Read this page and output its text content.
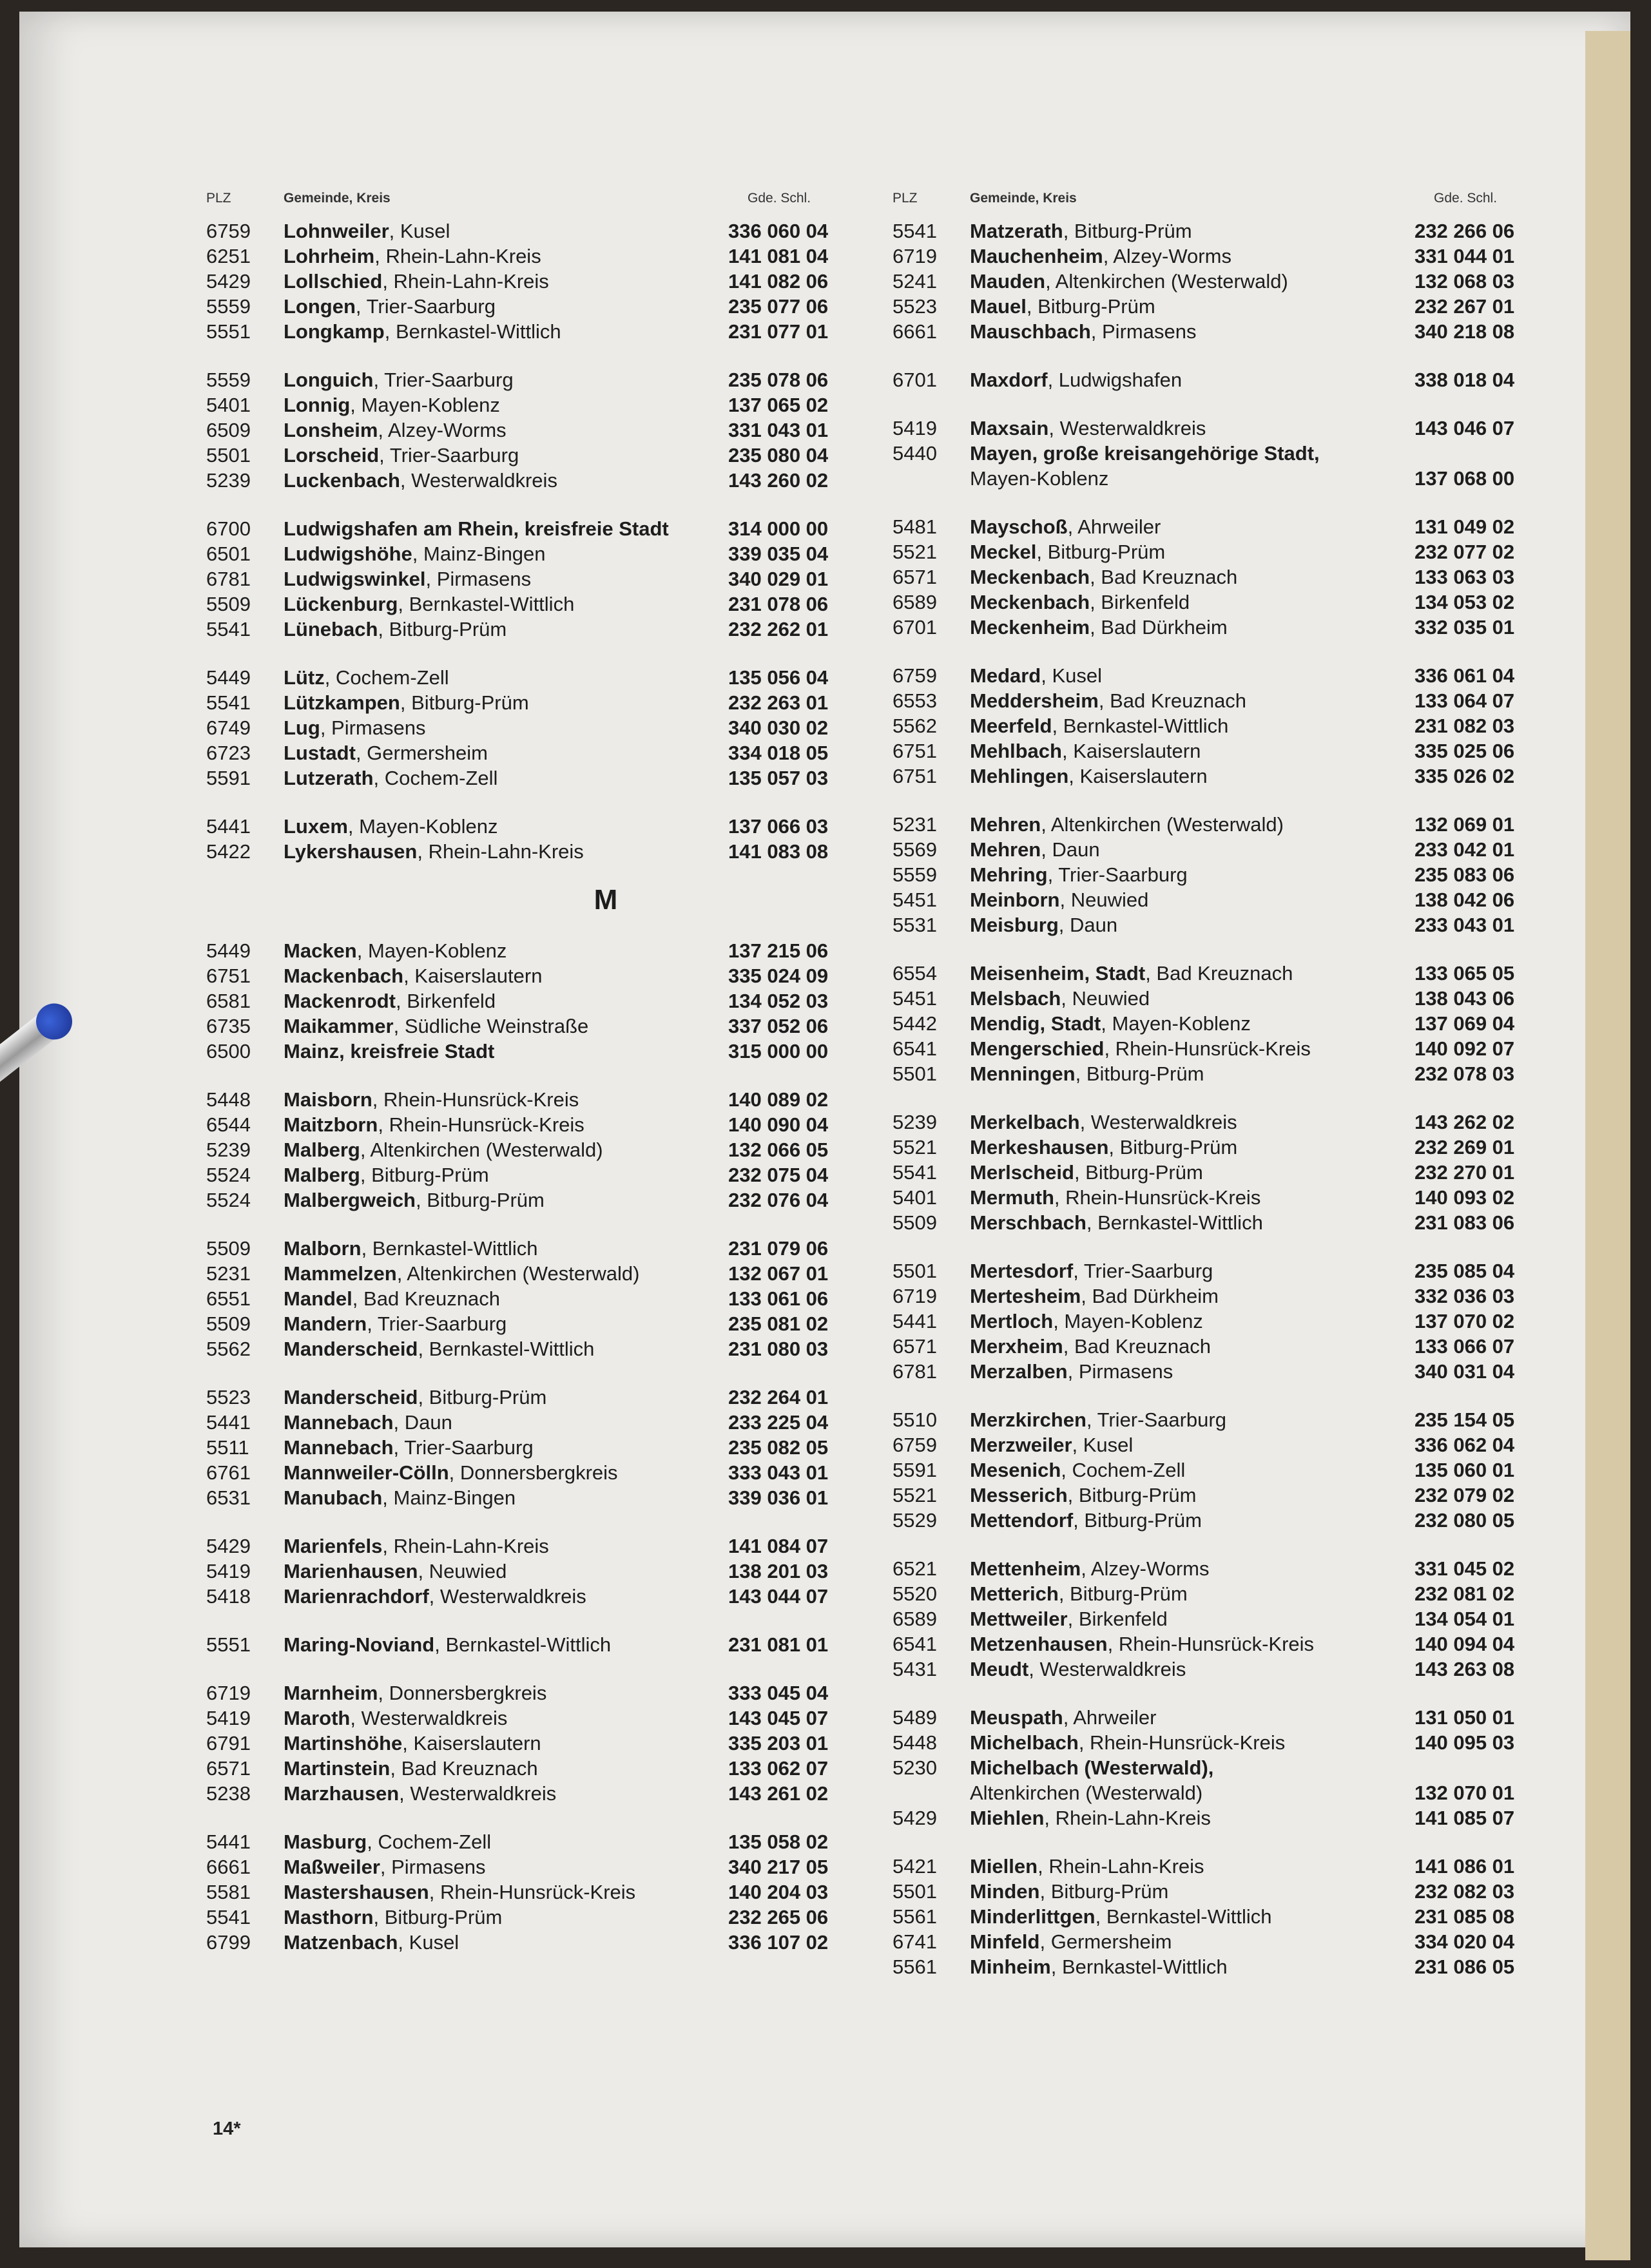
PLZ	Gemeinde, Kreis	Gde. Schl.
6759	Lohnweiler, Kusel	336 060 04
6251	Lohrheim, Rhein-Lahn-Kreis	141 081 04
5429	Lollschied, Rhein-Lahn-Kreis	141 082 06
5559	Longen, Trier-Saarburg	235 077 06
5551	Longkamp, Bernkastel-Wittlich	231 077 01
5559	Longuich, Trier-Saarburg	235 078 06
5401	Lonnig, Mayen-Koblenz	137 065 02
6509	Lonsheim, Alzey-Worms	331 043 01
5501	Lorscheid, Trier-Saarburg	235 080 04
5239	Luckenbach, Westerwaldkreis	143 260 02
6700	Ludwigshafen am Rhein, kreisfreie Stadt	314 000 00
6501	Ludwigshöhe, Mainz-Bingen	339 035 04
6781	Ludwigswinkel, Pirmasens	340 029 01
5509	Lückenburg, Bernkastel-Wittlich	231 078 06
5541	Lünebach, Bitburg-Prüm	232 262 01
5449	Lütz, Cochem-Zell	135 056 04
5541	Lützkampen, Bitburg-Prüm	232 263 01
6749	Lug, Pirmasens	340 030 02
6723	Lustadt, Germersheim	334 018 05
5591	Lutzerath, Cochem-Zell	135 057 03
5441	Luxem, Mayen-Koblenz	137 066 03
5422	Lykershausen, Rhein-Lahn-Kreis	141 083 08
M
5449	Macken, Mayen-Koblenz	137 215 06
6751	Mackenbach, Kaiserslautern	335 024 09
6581	Mackenrodt, Birkenfeld	134 052 03
6735	Maikammer, Südliche Weinstraße	337 052 06
6500	Mainz, kreisfreie Stadt	315 000 00
5448	Maisborn, Rhein-Hunsrück-Kreis	140 089 02
6544	Maitzborn, Rhein-Hunsrück-Kreis	140 090 04
5239	Malberg, Altenkirchen (Westerwald)	132 066 05
5524	Malberg, Bitburg-Prüm	232 075 04
5524	Malbergweich, Bitburg-Prüm	232 076 04
5509	Malborn, Bernkastel-Wittlich	231 079 06
5231	Mammelzen, Altenkirchen (Westerwald)	132 067 01
6551	Mandel, Bad Kreuznach	133 061 06
5509	Mandern, Trier-Saarburg	235 081 02
5562	Manderscheid, Bernkastel-Wittlich	231 080 03
5523	Manderscheid, Bitburg-Prüm	232 264 01
5441	Mannebach, Daun	233 225 04
5511	Mannebach, Trier-Saarburg	235 082 05
6761	Mannweiler-Cölln, Donnersbergkreis	333 043 01
6531	Manubach, Mainz-Bingen	339 036 01
5429	Marienfels, Rhein-Lahn-Kreis	141 084 07
5419	Marienhausen, Neuwied	138 201 03
5418	Marienrachdorf, Westerwaldkreis	143 044 07
5551	Maring-Noviand, Bernkastel-Wittlich	231 081 01
6719	Marnheim, Donnersbergkreis	333 045 04
5419	Maroth, Westerwaldkreis	143 045 07
6791	Martinshöhe, Kaiserslautern	335 203 01
6571	Martinstein, Bad Kreuznach	133 062 07
5238	Marzhausen, Westerwaldkreis	143 261 02
5441	Masburg, Cochem-Zell	135 058 02
6661	Maßweiler, Pirmasens	340 217 05
5581	Mastershausen, Rhein-Hunsrück-Kreis	140 204 03
5541	Masthorn, Bitburg-Prüm	232 265 06
6799	Matzenbach, Kusel	336 107 02
PLZ	Gemeinde, Kreis	Gde. Schl.
5541	Matzerath, Bitburg-Prüm	232 266 06
6719	Mauchenheim, Alzey-Worms	331 044 01
5241	Mauden, Altenkirchen (Westerwald)	132 068 03
5523	Mauel, Bitburg-Prüm	232 267 01
6661	Mauschbach, Pirmasens	340 218 08
6701	Maxdorf, Ludwigshafen	338 018 04
5419	Maxsain, Westerwaldkreis	143 046 07
5440	Mayen, große kreisangehörige Stadt,
Mayen-Koblenz	137 068 00
5481	Mayschoß, Ahrweiler	131 049 02
5521	Meckel, Bitburg-Prüm	232 077 02
6571	Meckenbach, Bad Kreuznach	133 063 03
6589	Meckenbach, Birkenfeld	134 053 02
6701	Meckenheim, Bad Dürkheim	332 035 01
6759	Medard, Kusel	336 061 04
6553	Meddersheim, Bad Kreuznach	133 064 07
5562	Meerfeld, Bernkastel-Wittlich	231 082 03
6751	Mehlbach, Kaiserslautern	335 025 06
6751	Mehlingen, Kaiserslautern	335 026 02
5231	Mehren, Altenkirchen (Westerwald)	132 069 01
5569	Mehren, Daun	233 042 01
5559	Mehring, Trier-Saarburg	235 083 06
5451	Meinborn, Neuwied	138 042 06
5531	Meisburg, Daun	233 043 01
6554	Meisenheim, Stadt, Bad Kreuznach	133 065 05
5451	Melsbach, Neuwied	138 043 06
5442	Mendig, Stadt, Mayen-Koblenz	137 069 04
6541	Mengerschied, Rhein-Hunsrück-Kreis	140 092 07
5501	Menningen, Bitburg-Prüm	232 078 03
5239	Merkelbach, Westerwaldkreis	143 262 02
5521	Merkeshausen, Bitburg-Prüm	232 269 01
5541	Merlscheid, Bitburg-Prüm	232 270 01
5401	Mermuth, Rhein-Hunsrück-Kreis	140 093 02
5509	Merschbach, Bernkastel-Wittlich	231 083 06
5501	Mertesdorf, Trier-Saarburg	235 085 04
6719	Mertesheim, Bad Dürkheim	332 036 03
5441	Mertloch, Mayen-Koblenz	137 070 02
6571	Merxheim, Bad Kreuznach	133 066 07
6781	Merzalben, Pirmasens	340 031 04
5510	Merzkirchen, Trier-Saarburg	235 154 05
6759	Merzweiler, Kusel	336 062 04
5591	Mesenich, Cochem-Zell	135 060 01
5521	Messerich, Bitburg-Prüm	232 079 02
5529	Mettendorf, Bitburg-Prüm	232 080 05
6521	Mettenheim, Alzey-Worms	331 045 02
5520	Metterich, Bitburg-Prüm	232 081 02
6589	Mettweiler, Birkenfeld	134 054 01
6541	Metzenhausen, Rhein-Hunsrück-Kreis	140 094 04
5431	Meudt, Westerwaldkreis	143 263 08
5489	Meuspath, Ahrweiler	131 050 01
5448	Michelbach, Rhein-Hunsrück-Kreis	140 095 03
5230	Michelbach (Westerwald),
Altenkirchen (Westerwald)	132 070 01
5429	Miehlen, Rhein-Lahn-Kreis	141 085 07
5421	Miellen, Rhein-Lahn-Kreis	141 086 01
5501	Minden, Bitburg-Prüm	232 082 03
5561	Minderlittgen, Bernkastel-Wittlich	231 085 08
6741	Minfeld, Germersheim	334 020 04
5561	Minheim, Bernkastel-Wittlich	231 086 05
14*
